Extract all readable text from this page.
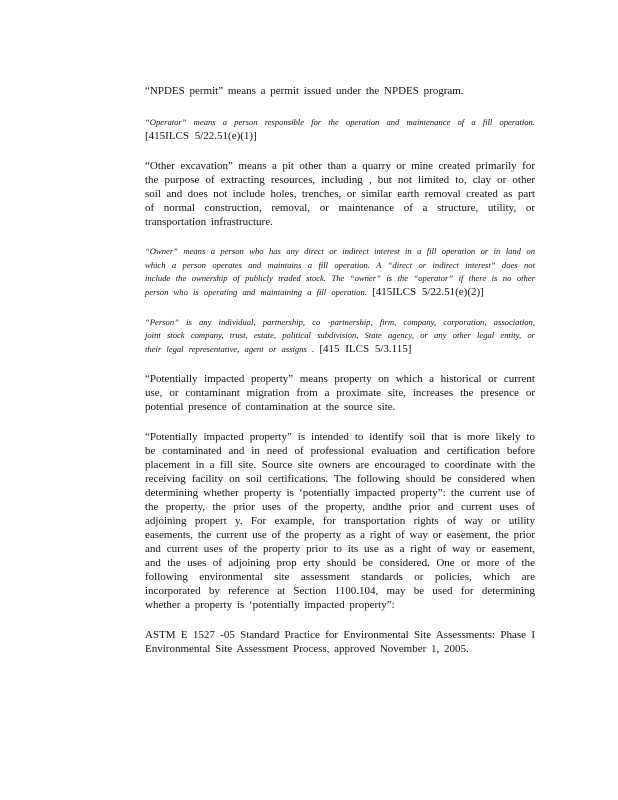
“NPDES permit” means a permit issued under the NPDES program.

“Operator” means a person responsible for the operation and maintenance of a fill operation. [415ILCS 5/22.51(e)(1)]

“Other excavation” means a pit other than a quarry or mine created primarily for the purpose of extracting resources, including , but not limited to, clay or other soil and does not include holes, trenches, or similar earth removal created as part of normal construction, removal, or maintenance of a structure, utility, or transportation infrastructure.

“Owner” means a person who has any direct or indirect interest in a fill operation or in land on which a person operates and maintains a fill operation. A “direct or indirect interest” does not include the ownership of publicly traded stock. The “owner” is the “operator” if there is no other person who is operating and maintaining a fill operation. [415ILCS 5/22.51(e)(2)]

“Person” is any individual, partnership, co -partnership, firm, company, corporation, association, joint stock company, trust, estate, political subdivision, State agency, or any other legal entity, or their legal representative, agent or assigns . [415 ILCS 5/3.115]

“Potentially impacted property” means property on which a historical or current use, or contaminant migration from a proximate site, increases the presence or potential presence of contamination at the source site.

“Potentially impacted property” is intended to identify soil that is more likely to be contaminated and in need of professional evaluation and certification before placement in a fill site. Source site owners are encouraged to coordinate with the receiving facility on soil certifications. The following should be considered when determining whether property is ‘potentially impacted property”: the current use of the property, the prior uses of the property, andthe prior and current uses of adjoining propert y. For example, for transportation rights of way or utility easements, the current use of the property as a right of way or easement, the prior and current uses of the property prior to its use as a right of way or easement, and the uses of adjoining prop erty should be considered. One or more of the following environmental site assessment standards or policies, which are incorporated by reference at Section 1100.104, may be used for determining whether a property is ‘potentially impacted property”:

ASTM E 1527 -05 Standard Practice for Environmental Site Assessments: Phase I Environmental Site Assessment Process, approved November 1, 2005.
